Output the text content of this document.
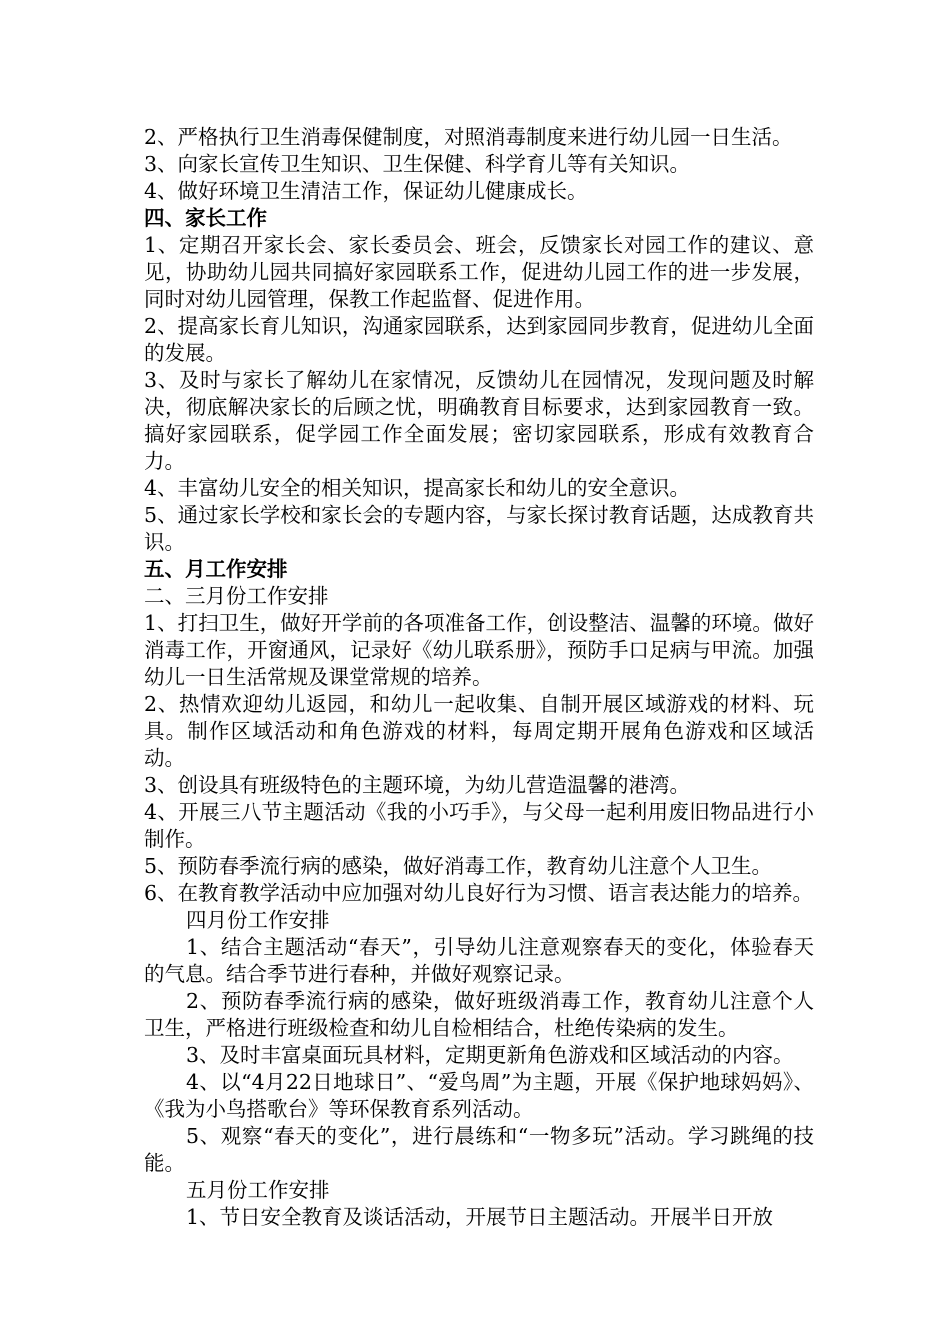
2、严格执行卫生消毒保健制度，对照消毒制度来进行幼儿园一日生活。

3、向家长宣传卫生知识、卫生保健、科学育儿等有关知识。

4、做好环境卫生清洁工作，保证幼儿健康成长。

四、家长工作

1、定期召开家长会、家长委员会、班会，反馈家长对园工作的建议、意见，协助幼儿园共同搞好家园联系工作，促进幼儿园工作的进一步发展，同时对幼儿园管理，保教工作起监督、促进作用。

2、提高家长育儿知识，沟通家园联系，达到家园同步教育，促进幼儿全面的发展。

3、及时与家长了解幼儿在家情况，反馈幼儿在园情况，发现问题及时解决，彻底解决家长的后顾之忧，明确教育目标要求，达到家园教育一致。搞好家园联系，促学园工作全面发展；密切家园联系，形成有效教育合力。

4、丰富幼儿安全的相关知识，提高家长和幼儿的安全意识。

5、通过家长学校和家长会的专题内容，与家长探讨教育话题，达成教育共识。

五、月工作安排

二、三月份工作安排

1、打扫卫生，做好开学前的各项准备工作，创设整洁、温馨的环境。做好消毒工作，开窗通风，记录好《幼儿联系册》，预防手口足病与甲流。加强幼儿一日生活常规及课堂常规的培养。

2、热情欢迎幼儿返园，和幼儿一起收集、自制开展区域游戏的材料、玩具。制作区域活动和角色游戏的材料，每周定期开展角色游戏和区域活动。

3、创设具有班级特色的主题环境，为幼儿营造温馨的港湾。

4、开展三八节主题活动《我的小巧手》，与父母一起利用废旧物品进行小制作。

5、预防春季流行病的感染，做好消毒工作，教育幼儿注意个人卫生。

6、在教育教学活动中应加强对幼儿良好行为习惯、语言表达能力的培养。

四月份工作安排

1、结合主题活动“春天”，引导幼儿注意观察春天的变化，体验春天的气息。结合季节进行春种，并做好观察记录。

2、预防春季流行病的感染，做好班级消毒工作，教育幼儿注意个人卫生，严格进行班级检查和幼儿自检相结合，杜绝传染病的发生。

3、及时丰富桌面玩具材料，定期更新角色游戏和区域活动的内容。

4、以“4月22日地球日”、“爱鸟周”为主题，开展《保护地球妈妈》、《我为小鸟搭歌台》等环保教育系列活动。

5、观察“春天的变化”，进行晨练和“一物多玩”活动。学习跳绳的技能。

五月份工作安排

1、节日安全教育及谈话活动，开展节日主题活动。开展半日开放
